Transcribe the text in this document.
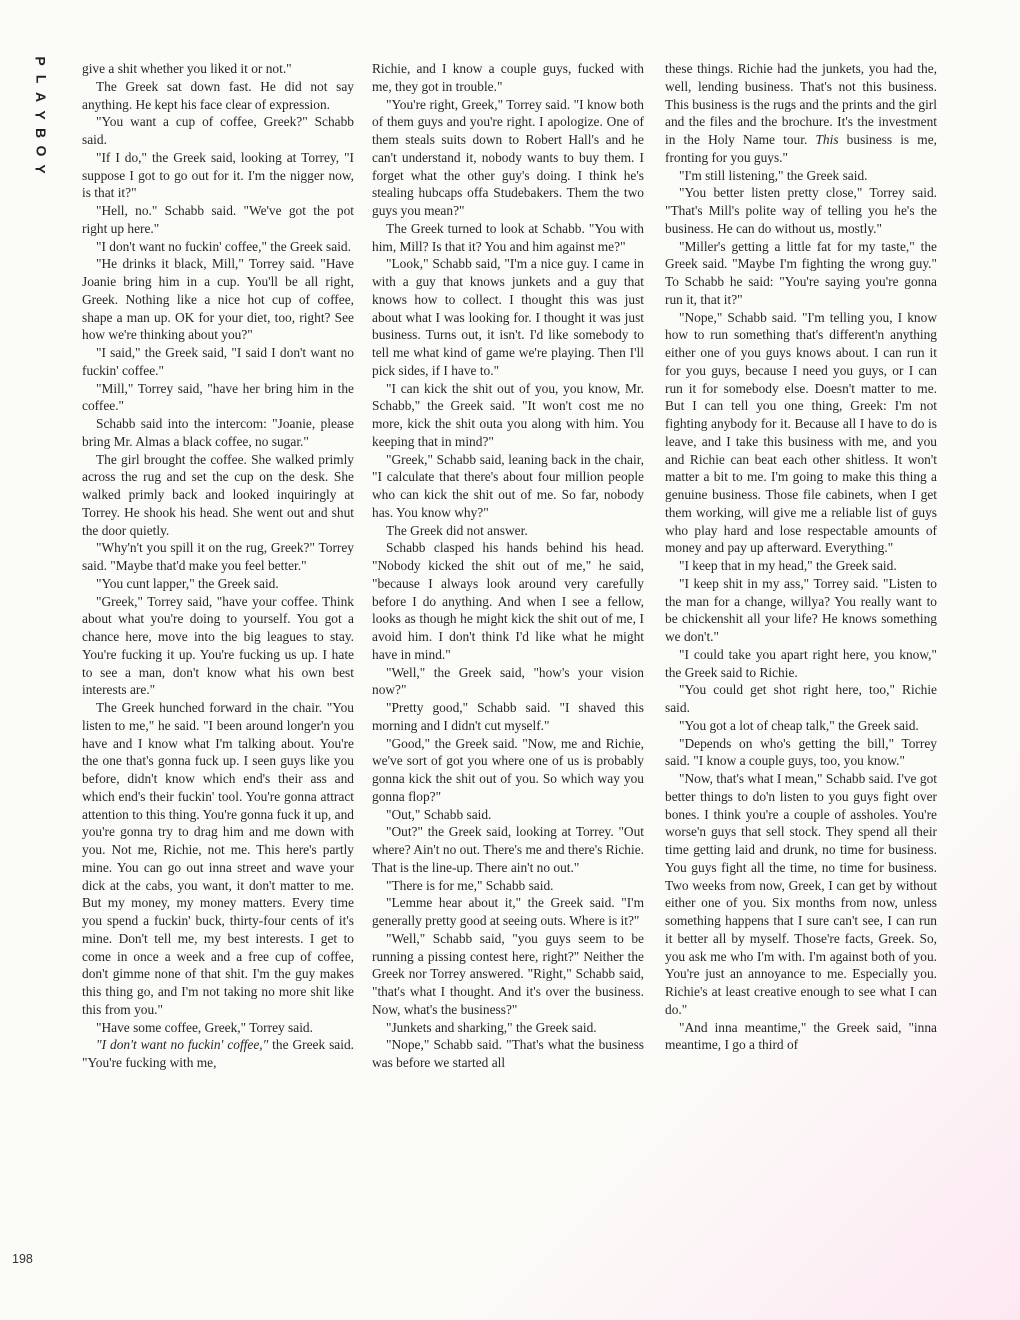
P
L
A
Y
B
O
Y
198

give a shit whether you liked it or not."

The Greek sat down fast. He did not say anything. He kept his face clear of expression.

"You want a cup of coffee, Greek?" Schabb said.

"If I do," the Greek said, looking at Torrey, "I suppose I got to go out for it. I'm the nigger now, is that it?"

"Hell, no." Schabb said. "We've got the pot right up here."

"I don't want no fuckin' coffee," the Greek said.

"He drinks it black, Mill," Torrey said. "Have Joanie bring him in a cup. You'll be all right, Greek. Nothing like a nice hot cup of coffee, shape a man up. OK for your diet, too, right? See how we're thinking about you?"

"I said," the Greek said, "I said I don't want no fuckin' coffee."

"Mill," Torrey said, "have her bring him in the coffee."

Schabb said into the intercom: "Joanie, please bring Mr. Almas a black coffee, no sugar."

The girl brought the coffee. She walked primly across the rug and set the cup on the desk. She walked primly back and looked inquiringly at Torrey. He shook his head. She went out and shut the door quietly.

"Why'n't you spill it on the rug, Greek?" Torrey said. "Maybe that'd make you feel better."

"You cunt lapper," the Greek said.

"Greek," Torrey said, "have your coffee. Think about what you're doing to yourself. You got a chance here, move into the big leagues to stay. You're fucking it up. You're fucking us up. I hate to see a man, don't know what his own best interests are."

The Greek hunched forward in the chair. "You listen to me," he said. "I been around longer'n you have and I know what I'm talking about. You're the one that's gonna fuck up. I seen guys like you before, didn't know which end's their ass and which end's their fuckin' tool. You're gonna attract attention to this thing. You're gonna fuck it up, and you're gonna try to drag him and me down with you. Not me, Richie, not me. This here's partly mine. You can go out inna street and wave your dick at the cabs, you want, it don't matter to me. But my money, my money matters. Every time you spend a fuckin' buck, thirty-four cents of it's mine. Don't tell me, my best interests. I get to come in once a week and a free cup of coffee, don't gimme none of that shit. I'm the guy makes this thing go, and I'm not taking no more shit like this from you."

"Have some coffee, Greek," Torrey said.

"I don't want no fuckin' coffee," the Greek said. "You're fucking with me,

Richie, and I know a couple guys, fucked with me, they got in trouble."

"You're right, Greek," Torrey said. "I know both of them guys and you're right. I apologize. One of them steals suits down to Robert Hall's and he can't understand it, nobody wants to buy them. I forget what the other guy's doing. I think he's stealing hubcaps offa Studebakers. Them the two guys you mean?"

The Greek turned to look at Schabb. "You with him, Mill? Is that it? You and him against me?"

"Look," Schabb said, "I'm a nice guy. I came in with a guy that knows junkets and a guy that knows how to collect. I thought this was just about what I was looking for. I thought it was just business. Turns out, it isn't. I'd like somebody to tell me what kind of game we're playing. Then I'll pick sides, if I have to."

"I can kick the shit out of you, you know, Mr. Schabb," the Greek said. "It won't cost me no more, kick the shit outa you along with him. You keeping that in mind?"

"Greek," Schabb said, leaning back in the chair, "I calculate that there's about four million people who can kick the shit out of me. So far, nobody has. You know why?"

The Greek did not answer.

Schabb clasped his hands behind his head. "Nobody kicked the shit out of me," he said, "because I always look around very carefully before I do anything. And when I see a fellow, looks as though he might kick the shit out of me, I avoid him. I don't think I'd like what he might have in mind."

"Well," the Greek said, "how's your vision now?"

"Pretty good," Schabb said. "I shaved this morning and I didn't cut myself."

"Good," the Greek said. "Now, me and Richie, we've sort of got you where one of us is probably gonna kick the shit out of you. So which way you gonna flop?"

"Out," Schabb said.

"Out?" the Greek said, looking at Torrey. "Out where? Ain't no out. There's me and there's Richie. That is the line-up. There ain't no out."

"There is for me," Schabb said.

"Lemme hear about it," the Greek said. "I'm generally pretty good at seeing outs. Where is it?"

"Well," Schabb said, "you guys seem to be running a pissing contest here, right?" Neither the Greek nor Torrey answered. "Right," Schabb said, "that's what I thought. And it's over the business. Now, what's the business?"

"Junkets and sharking," the Greek said.

"Nope," Schabb said. "That's what the business was before we started all

these things. Richie had the junkets, you had the, well, lending business. That's not this business. This business is the rugs and the prints and the girl and the files and the brochure. It's the investment in the Holy Name tour. This business is me, fronting for you guys."

"I'm still listening," the Greek said.

"You better listen pretty close," Torrey said. "That's Mill's polite way of telling you he's the business. He can do without us, mostly."

"Miller's getting a little fat for my taste," the Greek said. "Maybe I'm fighting the wrong guy." To Schabb he said: "You're saying you're gonna run it, that it?"

"Nope," Schabb said. "I'm telling you, I know how to run something that's different'n anything either one of you guys knows about. I can run it for you guys, because I need you guys, or I can run it for somebody else. Doesn't matter to me. But I can tell you one thing, Greek: I'm not fighting anybody for it. Because all I have to do is leave, and I take this business with me, and you and Richie can beat each other shitless. It won't matter a bit to me. I'm going to make this thing a genuine business. Those file cabinets, when I get them working, will give me a reliable list of guys who play hard and lose respectable amounts of money and pay up afterward. Everything."

"I keep that in my head," the Greek said.

"I keep shit in my ass," Torrey said. "Listen to the man for a change, willya? You really want to be chickenshit all your life? He knows something we don't."

"I could take you apart right here, you know," the Greek said to Richie.

"You could get shot right here, too," Richie said.

"You got a lot of cheap talk," the Greek said.

"Depends on who's getting the bill," Torrey said. "I know a couple guys, too, you know."

"Now, that's what I mean," Schabb said. I've got better things to do'n listen to you guys fight over bones. I think you're a couple of assholes. You're worse'n guys that sell stock. They spend all their time getting laid and drunk, no time for business. You guys fight all the time, no time for business. Two weeks from now, Greek, I can get by without either one of you. Six months from now, unless something happens that I sure can't see, I can run it better all by myself. Those're facts, Greek. So, you ask me who I'm with. I'm against both of you. You're just an annoyance to me. Especially you. Richie's at least creative enough to see what I can do."

"And inna meantime," the Greek said, "inna meantime, I go a third of
